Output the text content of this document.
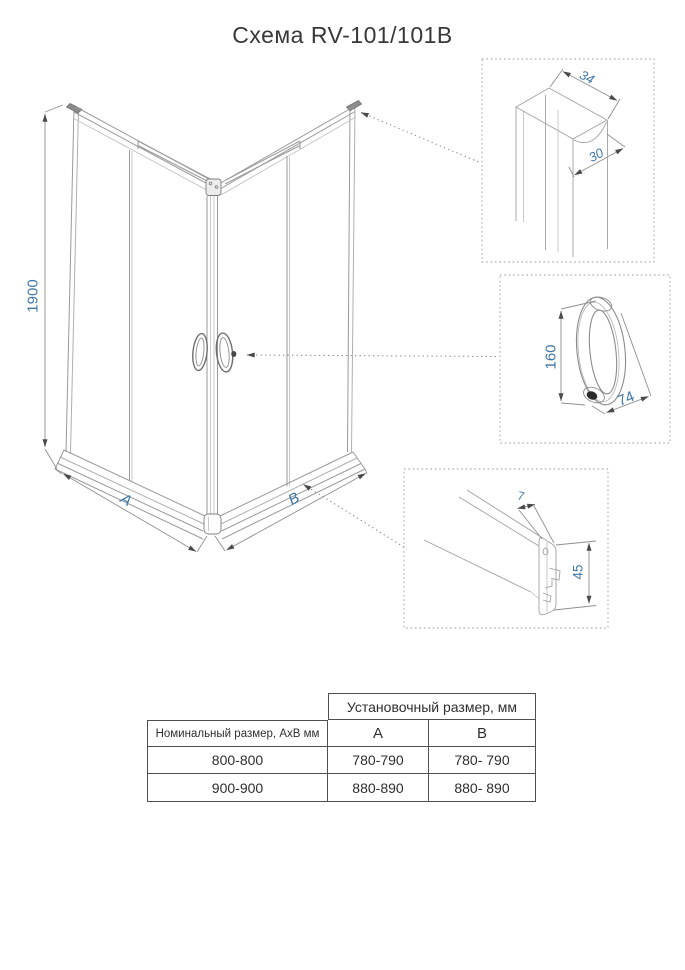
Схема RV-101/101B
1900
A	B
34
30
160
74
7
45
Установочный размер, мм
Номинальный размер, АхВ мм	А	В
800-800	780-790	780- 790
900-900	880-890	880- 890
